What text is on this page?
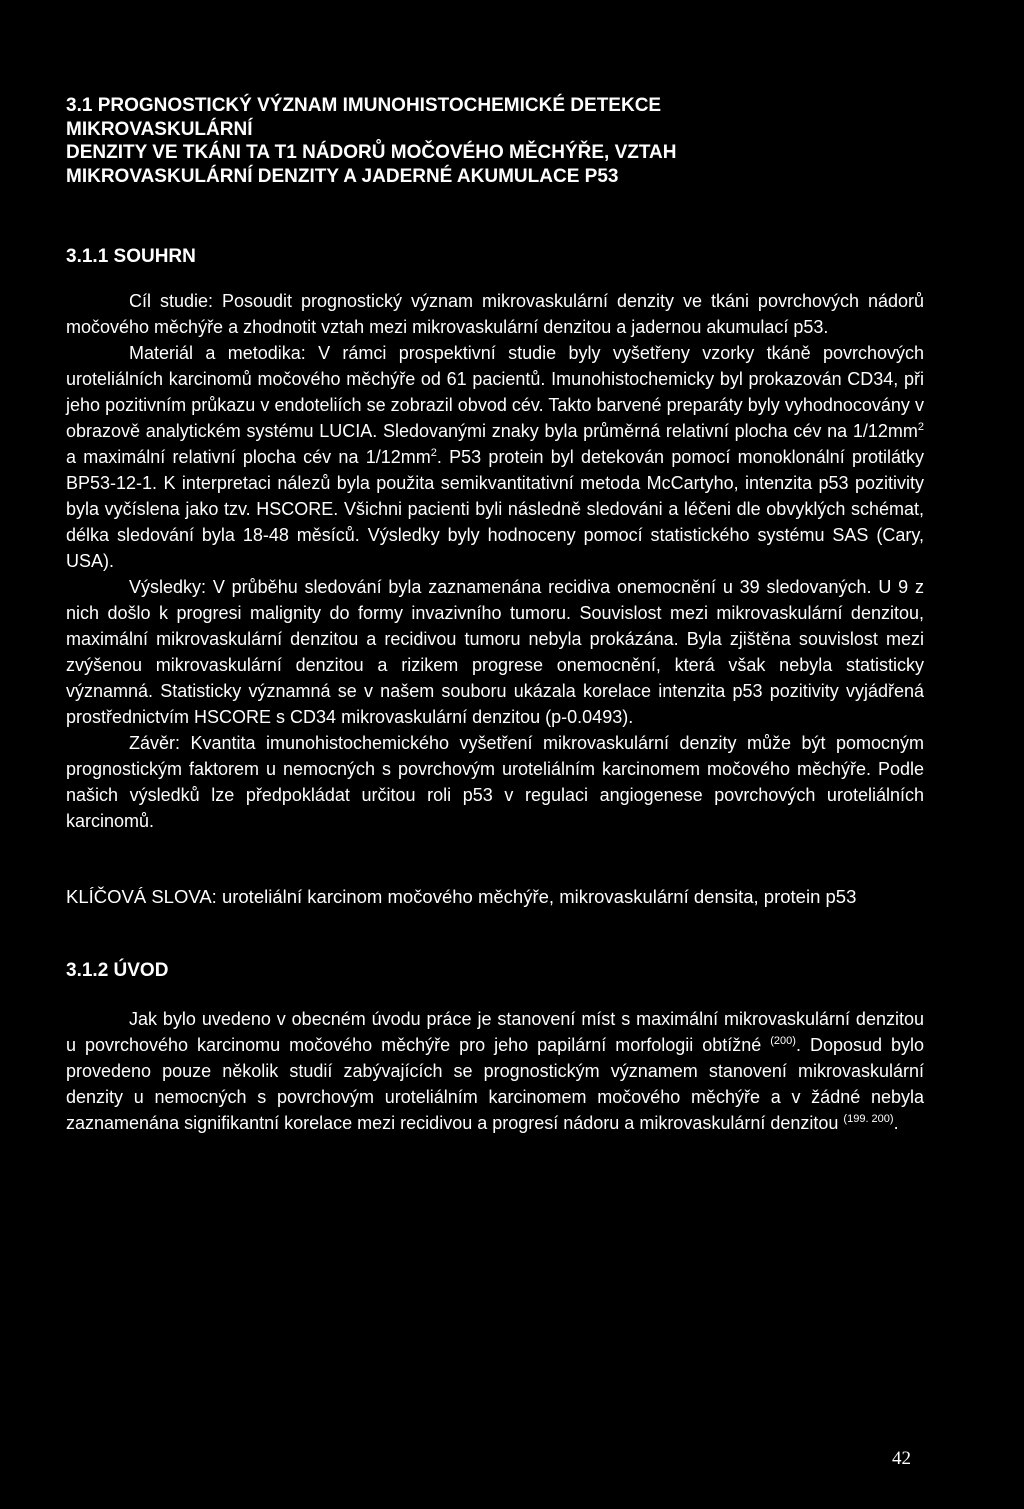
3.1 PROGNOSTICKÝ VÝZNAM IMUNOHISTOCHEMICKÉ DETEKCE
MIKROVASKULÁRNÍ
DENZITY VE TKÁNI TA T1 NÁDORŮ MOČOVÉHO MĚCHÝŘE, VZTAH
MIKROVASKULÁRNÍ DENZITY A JADERNÉ AKUMULACE P53
3.1.1 SOUHRN

Cíl studie: Posoudit prognostický význam mikrovaskulární denzity ve tkáni povrchových nádorů močového měchýře a zhodnotit vztah mezi mikrovaskulární denzitou a jadernou akumulací p53.

Materiál a metodika: V rámci prospektivní studie byly vyšetřeny vzorky tkáně povrchových uroteliálních karcinomů močového měchýře od 61 pacientů. Imunohistochemicky byl prokazován CD34, při jeho pozitivním průkazu v endoteliích se zobrazil obvod cév. Takto barvené preparáty byly vyhodnocovány v obrazově analytickém systému LUCIA. Sledovanými znaky byla průměrná relativní plocha cév na $1/12mm^2$ a maximální relativní plocha cév na $1/12mm^2$. P53 protein byl detekován pomocí monoklonální protilátky BP53-12-1. K interpretaci nálezů byla použita semikvantitativní metoda McCartyho, intenzita p53 pozitivity byla vyčíslena jako tzv. HSCORE. Všichni pacienti byli následně sledováni a léčeni dle obvyklých schémat, délka sledování byla 18-48 měsíců. Výsledky byly hodnoceny pomocí statistického systému SAS (Cary, USA).

Výsledky: V průběhu sledování byla zaznamenána recidiva onemocnění u 39 sledovaných. U 9 z nich došlo k progresi malignity do formy invazivního tumoru. Souvislost mezi mikrovaskulární denzitou, maximální mikrovaskulární denzitou a recidivou tumoru nebyla prokázána. Byla zjištěna souvislost mezi zvýšenou mikrovaskulární denzitou a rizikem progrese onemocnění, která však nebyla statisticky významná. Statisticky významná se v našem souboru ukázala korelace intenzita p53 pozitivity vyjádřená prostřednictvím HSCORE s CD34 mikrovaskulární denzitou (p-0.0493).

Závěr: Kvantita imunohistochemického vyšetření mikrovaskulární denzity může být pomocným prognostickým faktorem u nemocných s povrchovým uroteliálním karcinomem močového měchýře. Podle našich výsledků lze předpokládat určitou roli p53 v regulaci angiogenese povrchových uroteliálních karcinomů.

KLÍČOVÁ SLOVA: uroteliální karcinom močového měchýře, mikrovaskulární densita, protein p53

3.1.2 ÚVOD

Jak bylo uvedeno v obecném úvodu práce je stanovení míst s maximální mikrovaskulární denzitou u povrchového karcinomu močového měchýře pro jeho papilární morfologii obtížné $^{(200)}$. Doposud bylo provedeno pouze několik studií zabývajících se prognostickým významem stanovení mikrovaskulární denzity u nemocných s povrchovým uroteliálním karcinomem močového měchýře a v žádné nebyla zaznamenána signifikantní korelace mezi recidivou a progresí nádoru a mikrovaskulární denzitou $^{(199. 200)}$.

42
